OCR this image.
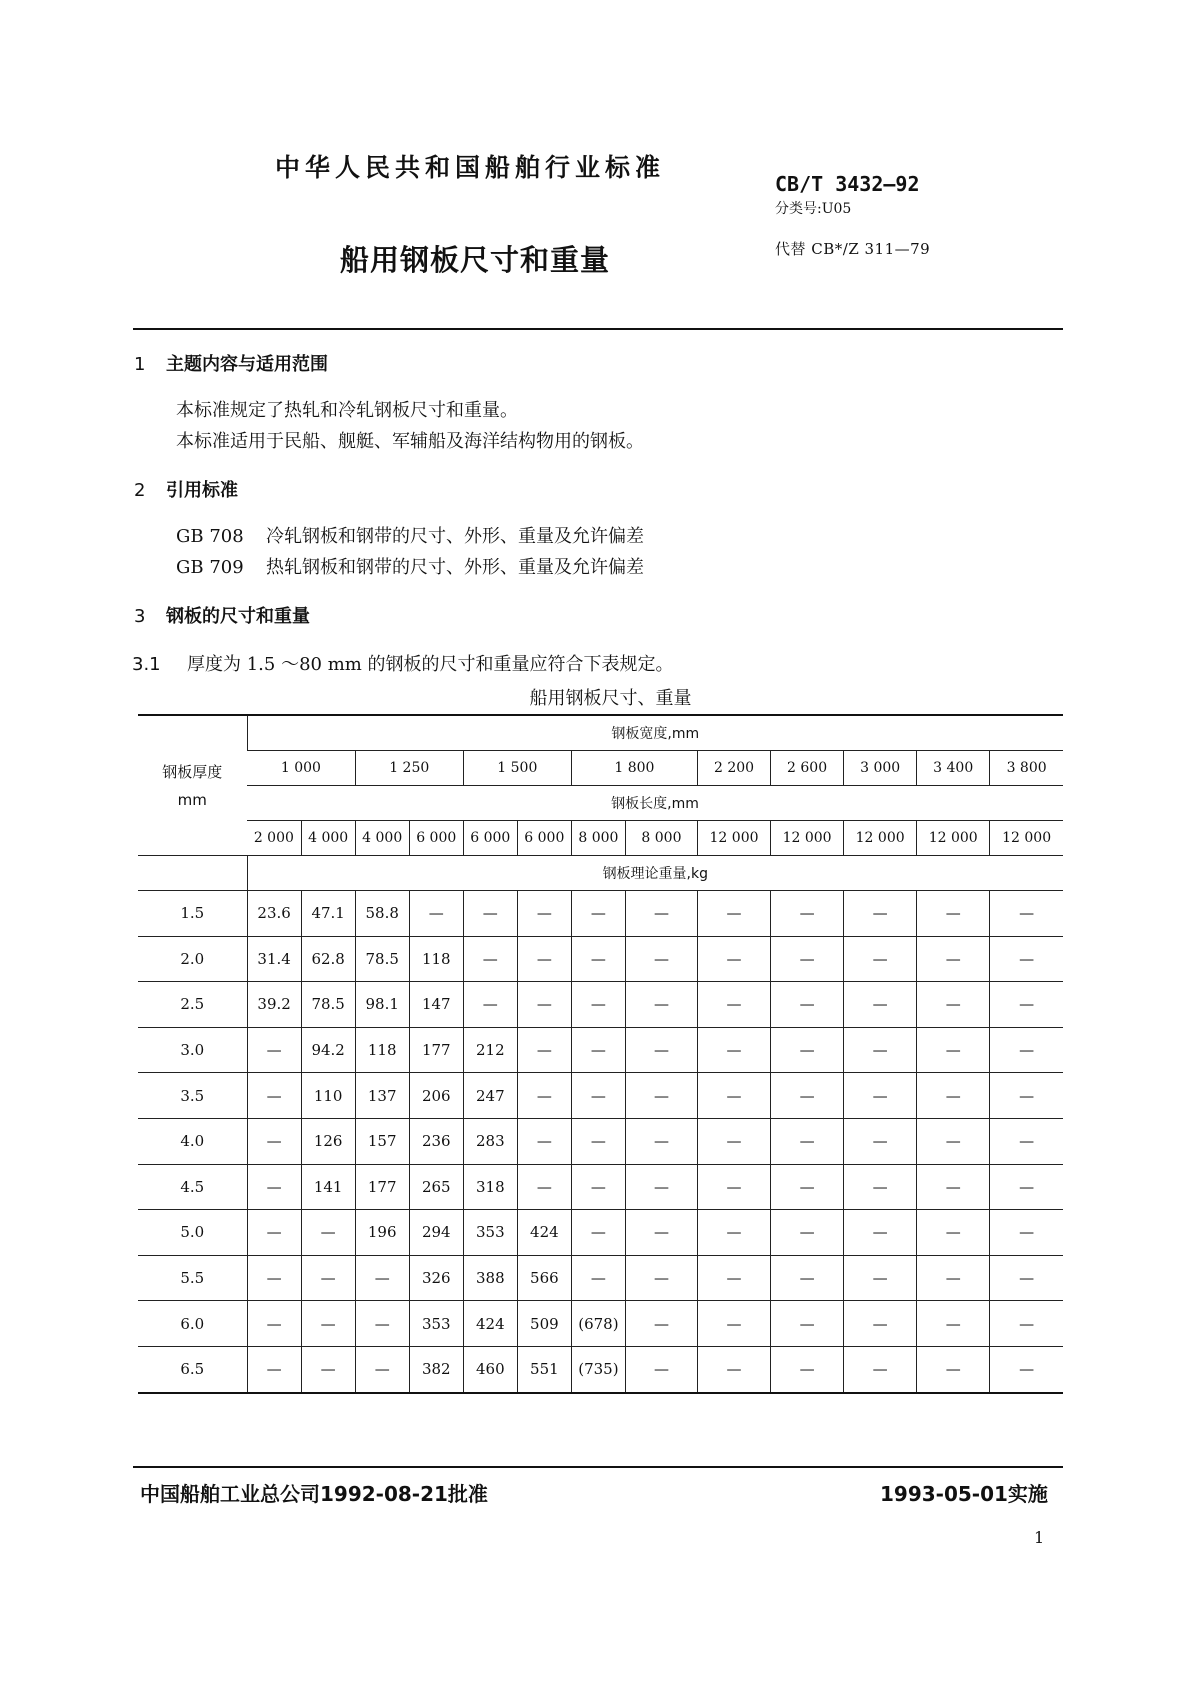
中华人民共和国船舶行业标准
CB/T 3432—92
分类号:U05
船用钢板尺寸和重量	代替 CB*/Z 311—79
1 主题内容与适用范围
本标准规定了热轧和冷轧钢板尺寸和重量。
本标准适用于民船、舰艇、军辅船及海洋结构物用的钢板。
2 引用标准
GB 708 冷轧钢板和钢带的尺寸、外形、重量及允许偏差
GB 709 热轧钢板和钢带的尺寸、外形、重量及允许偏差
3 钢板的尺寸和重量
3.1 厚度为 1.5 ～80 mm 的钢板的尺寸和重量应符合下表规定。
船用钢板尺寸、重量
钢板厚度
mm	钢板宽度,mm												
	1 000		1 250		1 500		1 800		2 200	2 600	3 000	3 400	3 800
	钢板长度,mm												
	2 000	4 000	4 000	6 000	6 000	6 000	8 000	8 000	12 000	12 000	12 000	12 000	12 000
	钢板理论重量,kg												
1.5	23.6	47.1	58.8	—	—	—	—	—	—	—	—	—	—
2.0	31.4	62.8	78.5	118	—	—	—	—	—	—	—	—	—
2.5	39.2	78.5	98.1	147	—	—	—	—	—	—	—	—	—
3.0	—	94.2	118	177	212	—	—	—	—	—	—	—	—
3.5	—	110	137	206	247	—	—	—	—	—	—	—	—
4.0	—	126	157	236	283	—	—	—	—	—	—	—	—
4.5	—	141	177	265	318	—	—	—	—	—	—	—	—
5.0	—	—	196	294	353	424	—	—	—	—	—	—	—
5.5	—	—	—	326	388	566	—	—	—	—	—	—	—
6.0	—	—	—	353	424	509	(678)	—	—	—	—	—	—
6.5	—	—	—	382	460	551	(735)	—	—	—	—	—	—
中国船舶工业总公司1992-08-21批准	1993-05-01实施
1
